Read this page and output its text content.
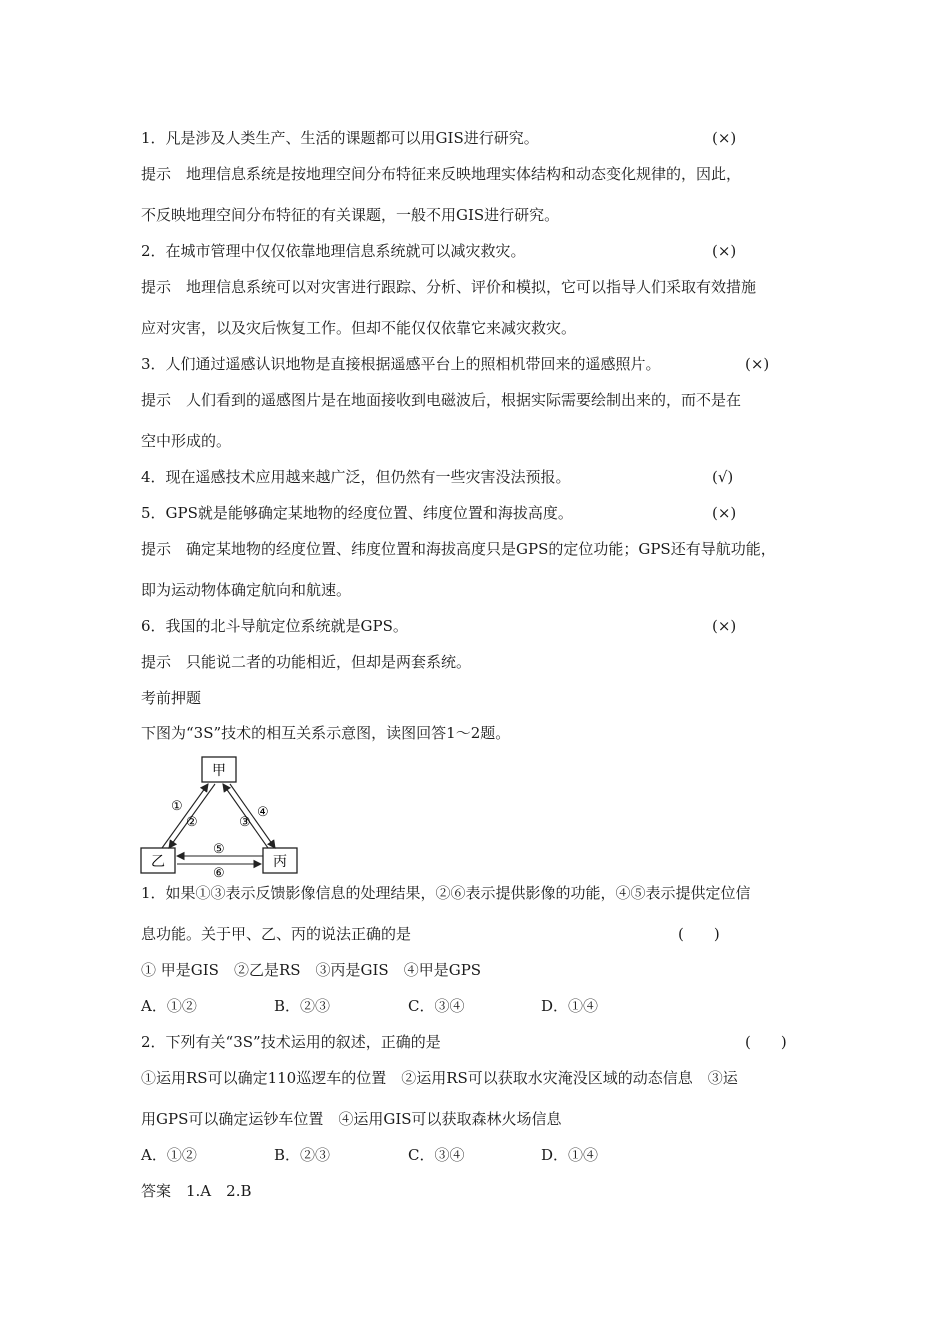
1．凡是涉及人类生产、生活的课题都可以用GIS进行研究。	(×)
提示　地理信息系统是按地理空间分布特征来反映地理实体结构和动态变化规律的，因此，
不反映地理空间分布特征的有关课题，一般不用GIS进行研究。
2．在城市管理中仅仅依靠地理信息系统就可以减灾救灾。	(×)
提示　地理信息系统可以对灾害进行跟踪、分析、评价和模拟，它可以指导人们采取有效措施
应对灾害，以及灾后恢复工作。但却不能仅仅依靠它来减灾救灾。
3．人们通过遥感认识地物是直接根据遥感平台上的照相机带回来的遥感照片。	(×)
提示　人们看到的遥感图片是在地面接收到电磁波后，根据实际需要绘制出来的，而不是在
空中形成的。
4．现在遥感技术应用越来越广泛，但仍然有一些灾害没法预报。	(√)
5．GPS就是能够确定某地物的经度位置、纬度位置和海拔高度。	(×)
提示　确定某地物的经度位置、纬度位置和海拔高度只是GPS的定位功能；GPS还有导航功能，
即为运动物体确定航向和航速。
6．我国的北斗导航定位系统就是GPS。	(×)
提示　只能说二者的功能相近，但却是两套系统。
考前押题
下图为“3S”技术的相互关系示意图，读图回答1～2题。
甲
乙	丙
①
②	③
④
⑤
⑥
1．如果①③表示反馈影像信息的处理结果，②⑥表示提供影像的功能，④⑤表示提供定位信
息功能。关于甲、乙、丙的说法正确的是	(　　)
① 甲是GIS　②乙是RS　③丙是GIS　④甲是GPS
A．①②	B．②③	C．③④	D．①④
2．下列有关“3S”技术运用的叙述，正确的是	(　　)
①运用RS可以确定110巡逻车的位置　②运用RS可以获取水灾淹没区域的动态信息　③运
用GPS可以确定运钞车位置　④运用GIS可以获取森林火场信息
A．①②	B．②③	C．③④	D．①④
答案　1.A　2.B
